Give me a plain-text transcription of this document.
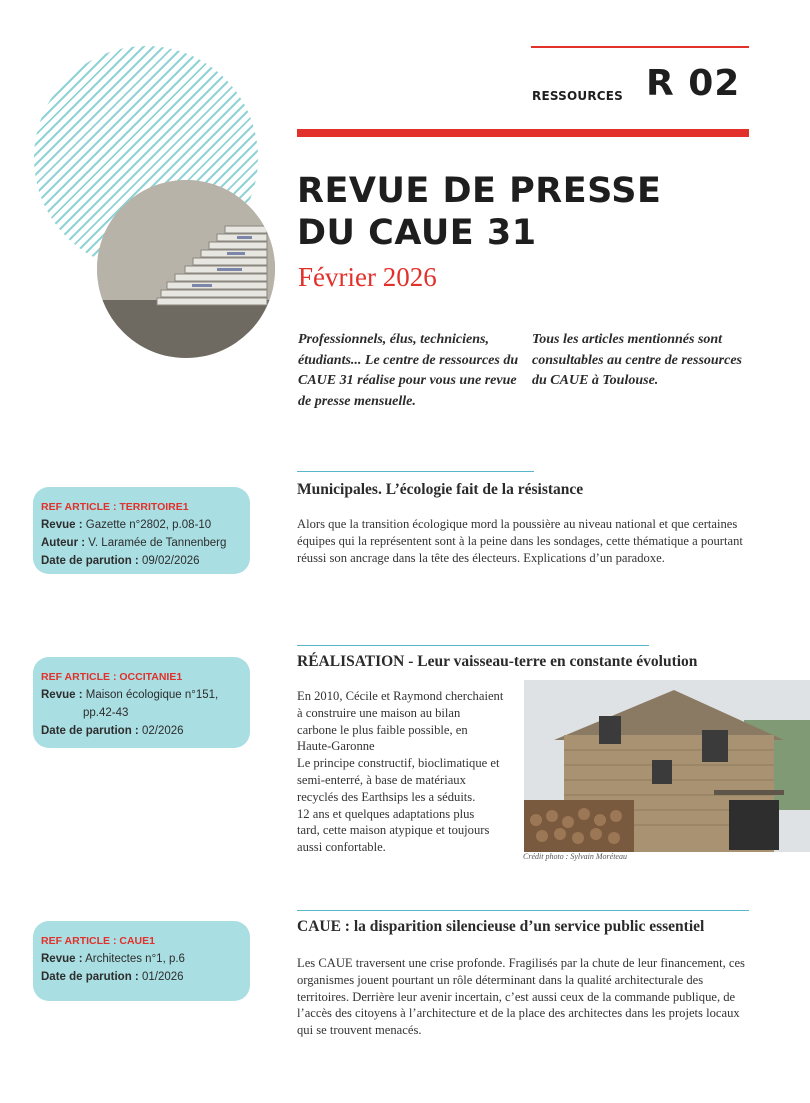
RESSOURCES R 02
REVUE DE PRESSE
DU CAUE 31
Février 2026
Professionnels, élus, techniciens, étudiants... Le centre de ressources du CAUE 31 réalise pour vous une revue de presse mensuelle.
Tous les articles mentionnés sont consultables au centre de ressources du CAUE à Toulouse.
REF ARTICLE : TERRITOIRE1
Revue : Gazette n°2802, p.08-10
Auteur : V. Laramée de Tannenberg
Date de parution : 09/02/2026
Municipales. L’écologie fait de la résistance
Alors que la transition écologique mord la poussière au niveau national et que certaines équipes qui la représentent sont à la peine dans les sondages, cette thématique a pourtant réussi son ancrage dans la tête des électeurs. Explications d’un paradoxe.
REF ARTICLE : OCCITANIE1
Revue : Maison écologique n°151,
pp.42-43
Date de parution : 02/2026
RÉALISATION - Leur vaisseau-terre en constante évolution
En 2010, Cécile et Raymond cherchaient
à construire une maison au bilan
carbone le plus faible possible, en
Haute-Garonne
Le principe constructif, bioclimatique et
semi-enterré, à base de matériaux
recyclés des Earthsips les a séduits.
12 ans et quelques adaptations plus
tard, cette maison atypique et toujours
aussi confortable.
Crédit photo : Sylvain Moréteau
REF ARTICLE : CAUE1
Revue : Architectes n°1, p.6
Date de parution : 01/2026
CAUE : la disparition silencieuse d’un service public essentiel
Les CAUE traversent une crise profonde. Fragilisés par la chute de leur financement, ces organismes jouent pourtant un rôle déterminant dans la qualité architecturale des territoires. Derrière leur avenir incertain, c’est aussi ceux de la commande publique, de l’accès des citoyens à l’architecture et de la place des architectes dans les projets locaux qui se trouvent menacés.
